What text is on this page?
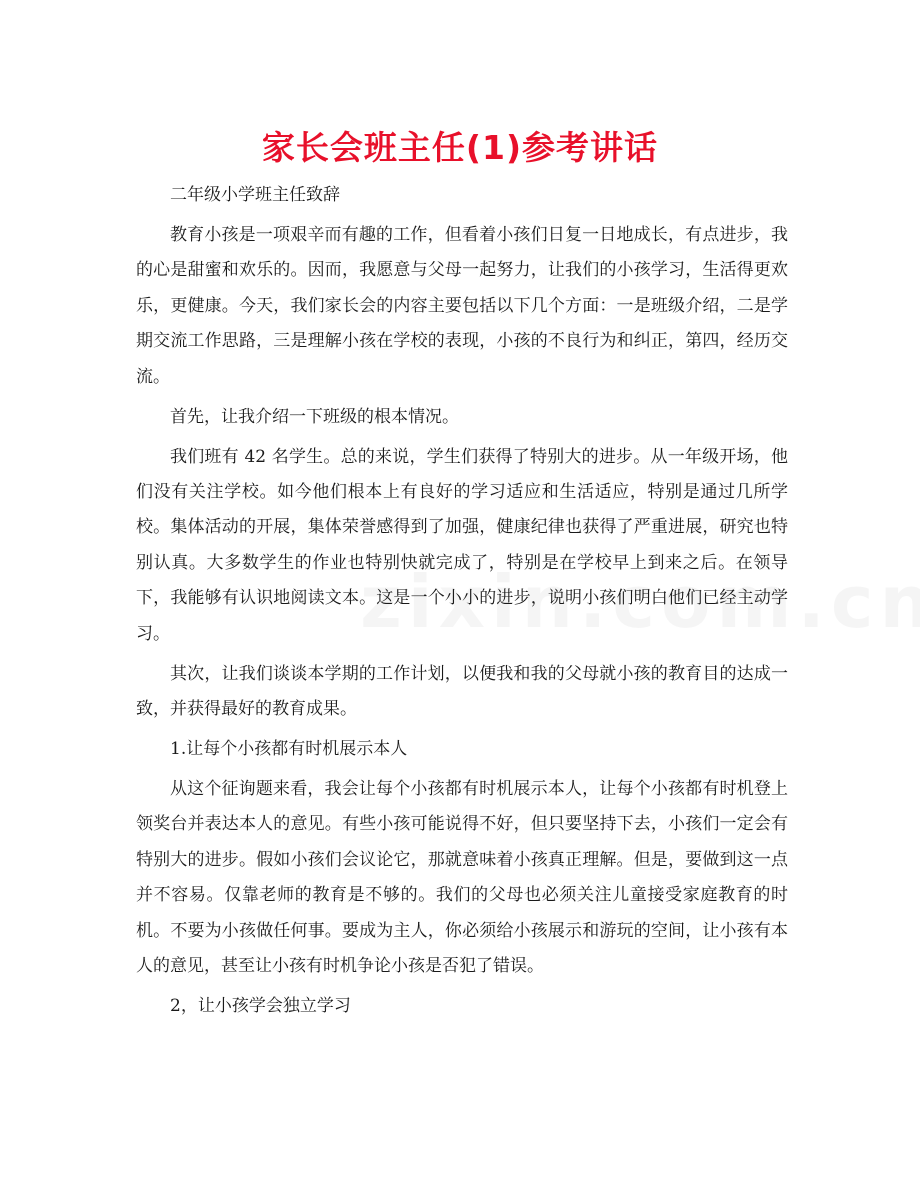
家长会班主任(1)参考讲话

二年级小学班主任致辞

教育小孩是一项艰辛而有趣的工作，但看着小孩们日复一日地成长，有点进步，我的心是甜蜜和欢乐的。因而，我愿意与父母一起努力，让我们的小孩学习，生活得更欢乐，更健康。今天，我们家长会的内容主要包括以下几个方面：一是班级介绍，二是学期交流工作思路，三是理解小孩在学校的表现，小孩的不良行为和纠正，第四，经历交流。

首先，让我介绍一下班级的根本情况。

我们班有 42 名学生。总的来说，学生们获得了特别大的进步。从一年级开场，他们没有关注学校。如今他们根本上有良好的学习适应和生活适应，特别是通过几所学校。集体活动的开展，集体荣誉感得到了加强，健康纪律也获得了严重进展，研究也特别认真。大多数学生的作业也特别快就完成了，特别是在学校早上到来之后。在领导下，我能够有认识地阅读文本。这是一个小小的进步，说明小孩们明白他们已经主动学习。

其次，让我们谈谈本学期的工作计划，以便我和我的父母就小孩的教育目的达成一致，并获得最好的教育成果。

1.让每个小孩都有时机展示本人

从这个征询题来看，我会让每个小孩都有时机展示本人，让每个小孩都有时机登上领奖台并表达本人的意见。有些小孩可能说得不好，但只要坚持下去，小孩们一定会有特别大的进步。假如小孩们会议论它，那就意味着小孩真正理解。但是，要做到这一点并不容易。仅靠老师的教育是不够的。我们的父母也必须关注儿童接受家庭教育的时机。不要为小孩做任何事。要成为主人，你必须给小孩展示和游玩的空间，让小孩有本人的意见，甚至让小孩有时机争论小孩是否犯了错误。

2，让小孩学会独立学习
